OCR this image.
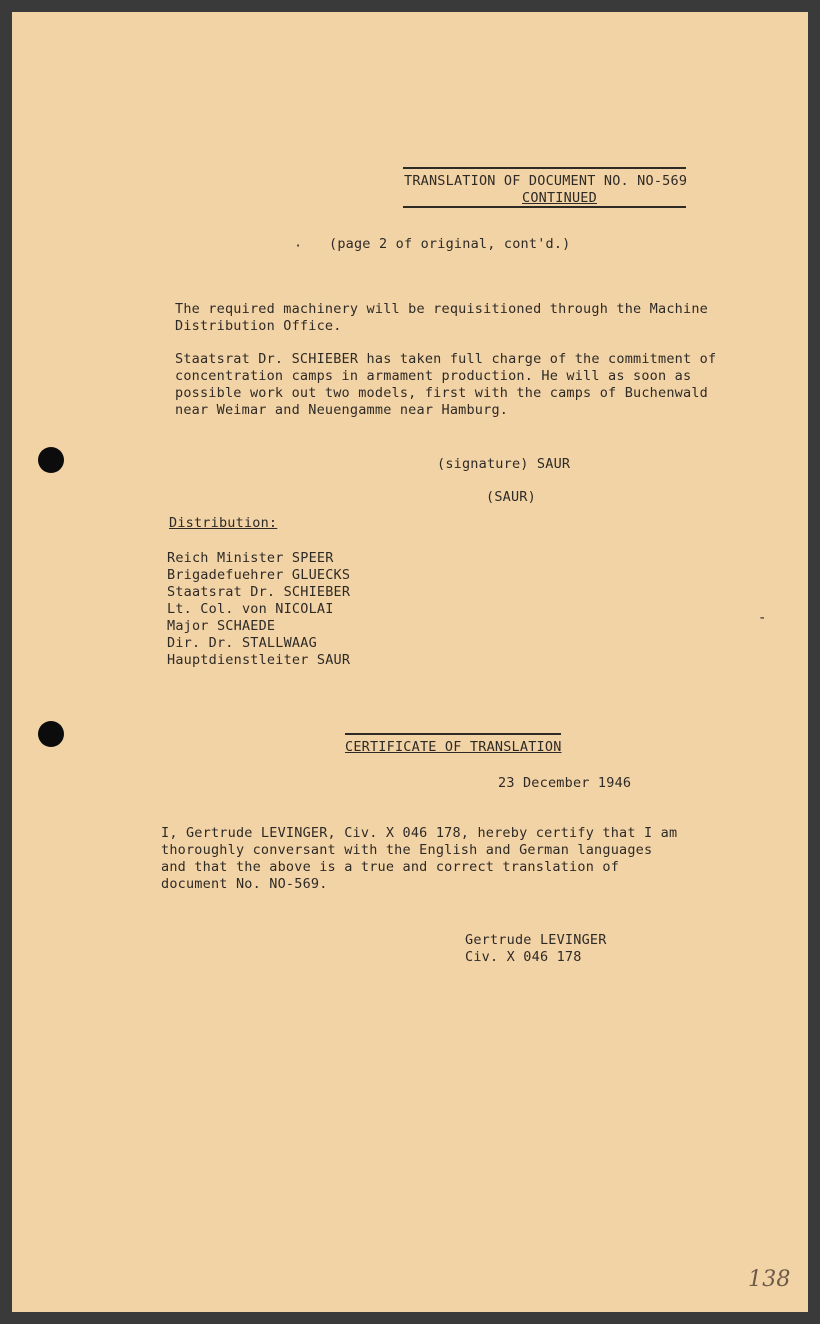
TRANSLATION OF DOCUMENT NO. NO-569
CONTINUED
· (page 2 of original, cont'd.)
The required machinery will be requisitioned through the Machine
Distribution Office.
Staatsrat Dr. SCHIEBER has taken full charge of the commitment of
concentration camps in armament production. He will as soon as
possible work out two models, first with the camps of Buchenwald
near Weimar and Neuengamme near Hamburg.
(signature) SAUR
(SAUR)
Distribution:
Reich Minister SPEER
Brigadefuehrer GLUECKS
Staatsrat Dr. SCHIEBER
Lt. Col. von NICOLAI
Major SCHAEDE
Dir. Dr. STALLWAAG
Hauptdienstleiter SAUR
-
CERTIFICATE OF TRANSLATION
23 December 1946
I, Gertrude LEVINGER, Civ. X 046 178, hereby certify that I am
thoroughly conversant with the English and German languages
and that the above is a true and correct translation of
document No. NO-569.
Gertrude LEVINGER
Civ. X 046 178
138
